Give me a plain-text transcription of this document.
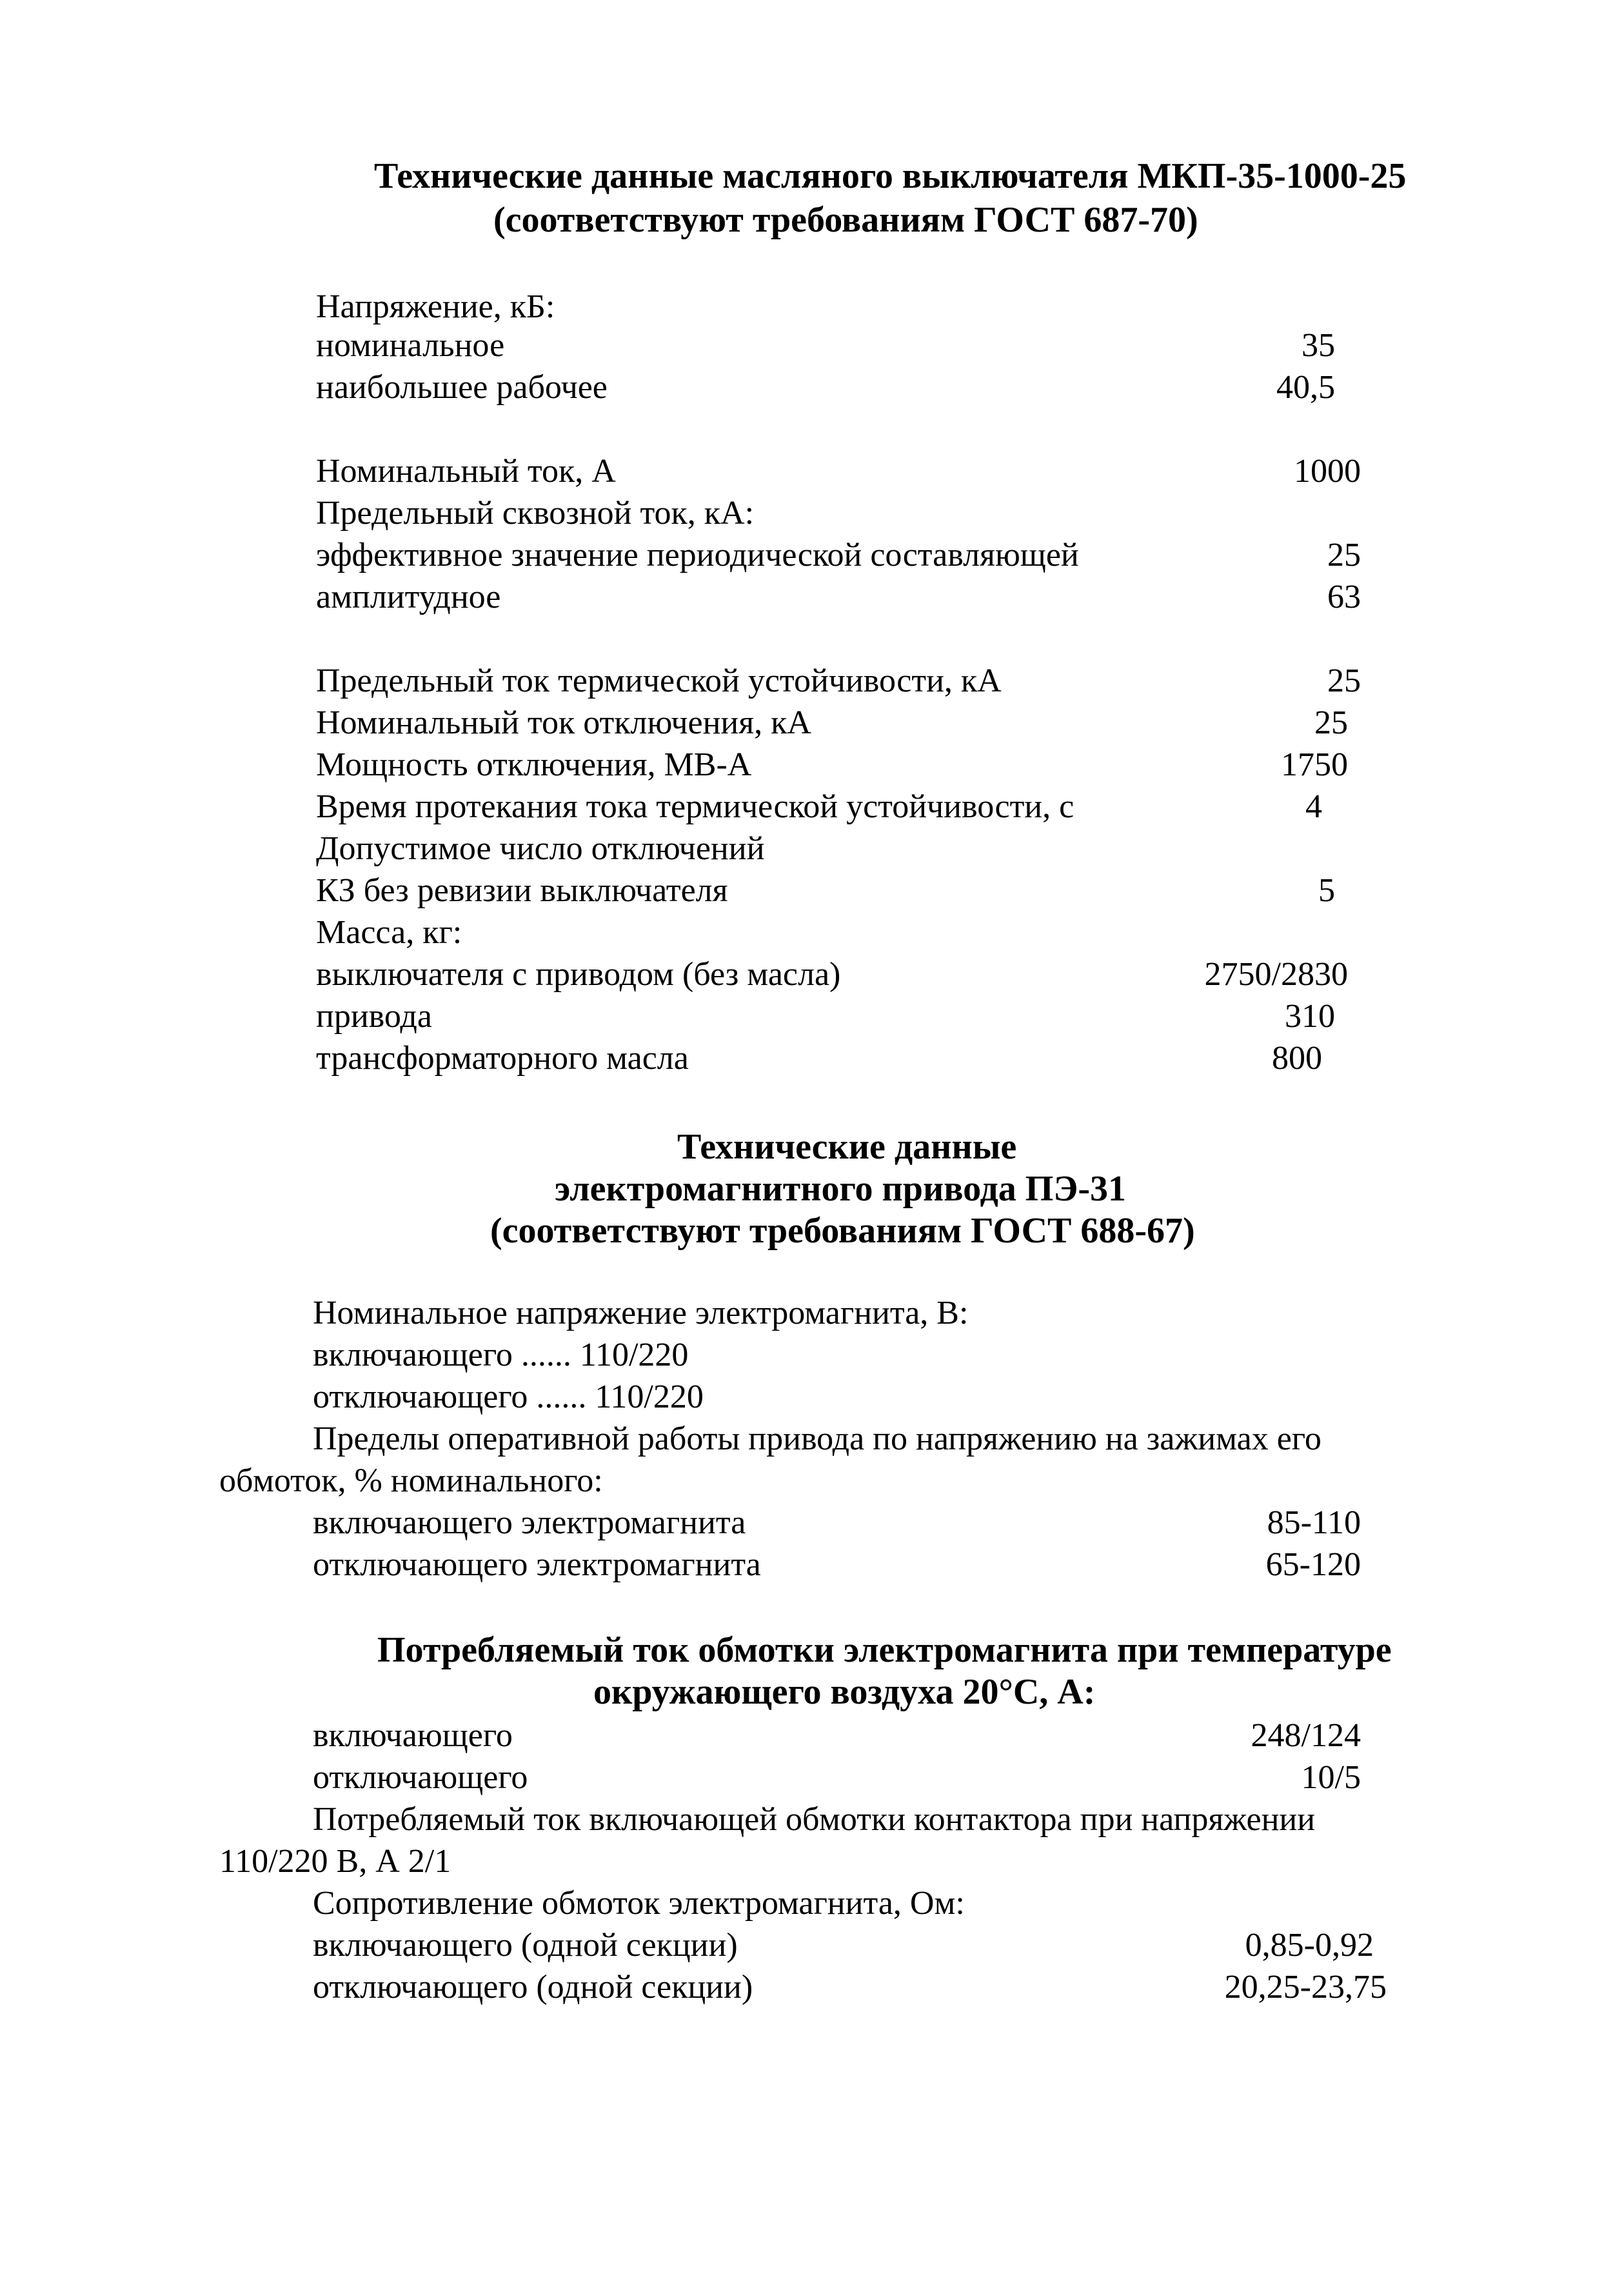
Технические данные масляного выключателя МКП-35-1000-25
(соответствуют требованиям ГОСТ 687-70)
Напряжение, кБ:
номинальное	35
наибольшее рабочее	40,5
Номинальный ток, А	1000
Предельный сквозной ток, кА:
эффективное значение периодической составляющей	25
амплитудное	63
Предельный ток термической устойчивости, кА	25
Номинальный ток отключения, кА	25
Мощность отключения, МВ-А	1750
Время протекания тока термической устойчивости, с	4
Допустимое число отключений
КЗ без ревизии выключателя	5
Масса, кг:
выключателя с приводом (без масла)	2750/2830
привода	310
трансформаторного масла	800
Технические данные
электромагнитного привода ПЭ-31
(соответствуют требованиям ГОСТ 688-67)
Номинальное напряжение электромагнита, В:
включающего ...... 110/220
отключающего ...... 110/220
Пределы оперативной работы привода по напряжению на зажимах его
обмоток, % номинального:
включающего электромагнита	85-110
отключающего электромагнита	65-120
Потребляемый ток обмотки электромагнита при температуре
окружающего воздуха 20°С, А:
включающего	248/124
отключающего	10/5
Потребляемый ток включающей обмотки контактора при напряжении
110/220 В, А 2/1
Сопротивление обмоток электромагнита, Ом:
включающего (одной секции)	0,85-0,92
отключающего (одной секции)	20,25-23,75
